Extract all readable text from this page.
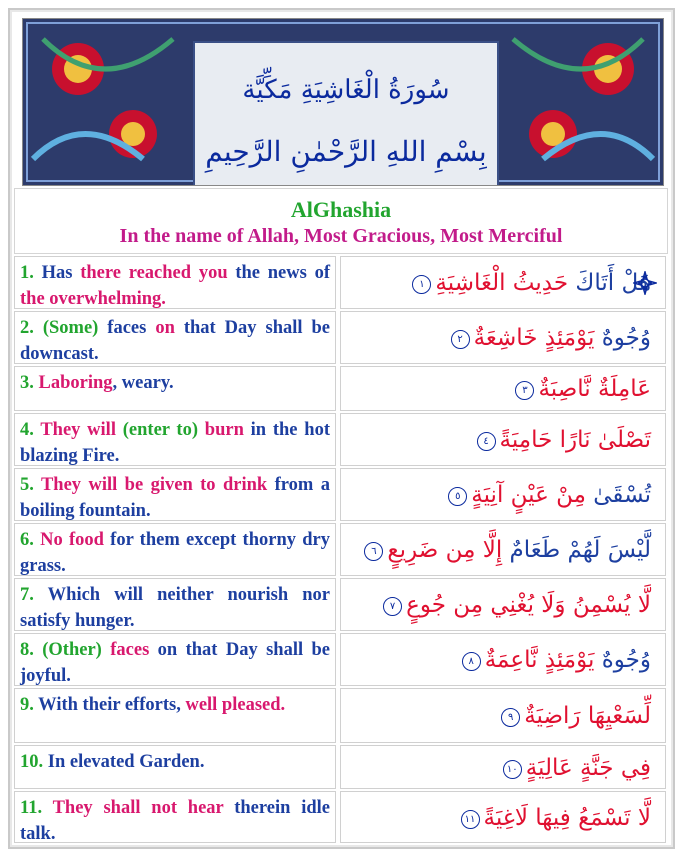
سُورَةُ الْغَاشِيَةِ مَكِّيَّة
بِسْمِ اللهِ الرَّحْمٰنِ الرَّحِيمِ
AlGhashia
In the name of Allah, Most Gracious, Most Merciful
1. Has there reached you the news of the overwhelming.
هَلْ أَتَاكَ حَدِيثُ الْغَاشِيَةِ١
2. (Some) faces on that Day shall be downcast.
وُجُوهٌ يَوْمَئِذٍ خَاشِعَةٌ٢
3. Laboring, weary.	عَامِلَةٌ نَّاصِبَةٌ٣
4. They will (enter to) burn in the hot blazing Fire.
تَصْلَىٰ نَارًا حَامِيَةً٤
5. They will be given to drink from a boiling fountain.
تُسْقَىٰ مِنْ عَيْنٍ آنِيَةٍ٥
6. No food for them except thorny dry grass.
لَّيْسَ لَهُمْ طَعَامٌ إِلَّا مِن ضَرِيعٍ٦
7. Which will neither nourish nor satisfy hunger.
لَّا يُسْمِنُ وَلَا يُغْنِي مِن جُوعٍ٧
8. (Other) faces on that Day shall be joyful.
وُجُوهٌ يَوْمَئِذٍ نَّاعِمَةٌ٨
9. With their efforts, well pleased.	لِّسَعْيِهَا رَاضِيَةٌ٩
10. In elevated Garden.	فِي جَنَّةٍ عَالِيَةٍ١٠
11. They shall not hear therein idle talk.
لَّا تَسْمَعُ فِيهَا لَاغِيَةً١١
